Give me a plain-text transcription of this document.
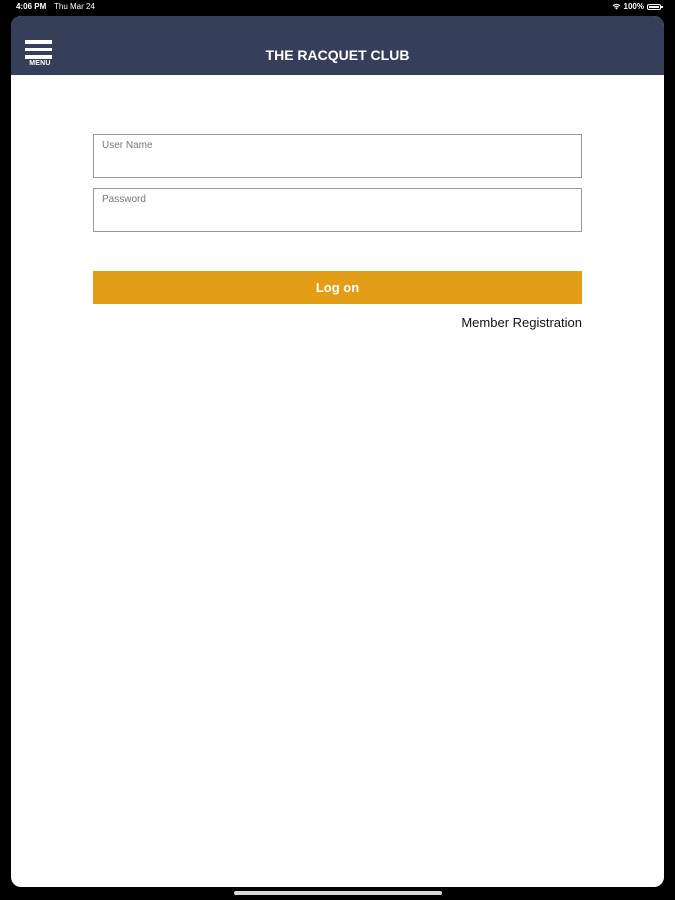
4:06 PM Thu Mar 24	100%
MENU
THE RACQUET CLUB
User Name
Password
Log on
Member Registration
